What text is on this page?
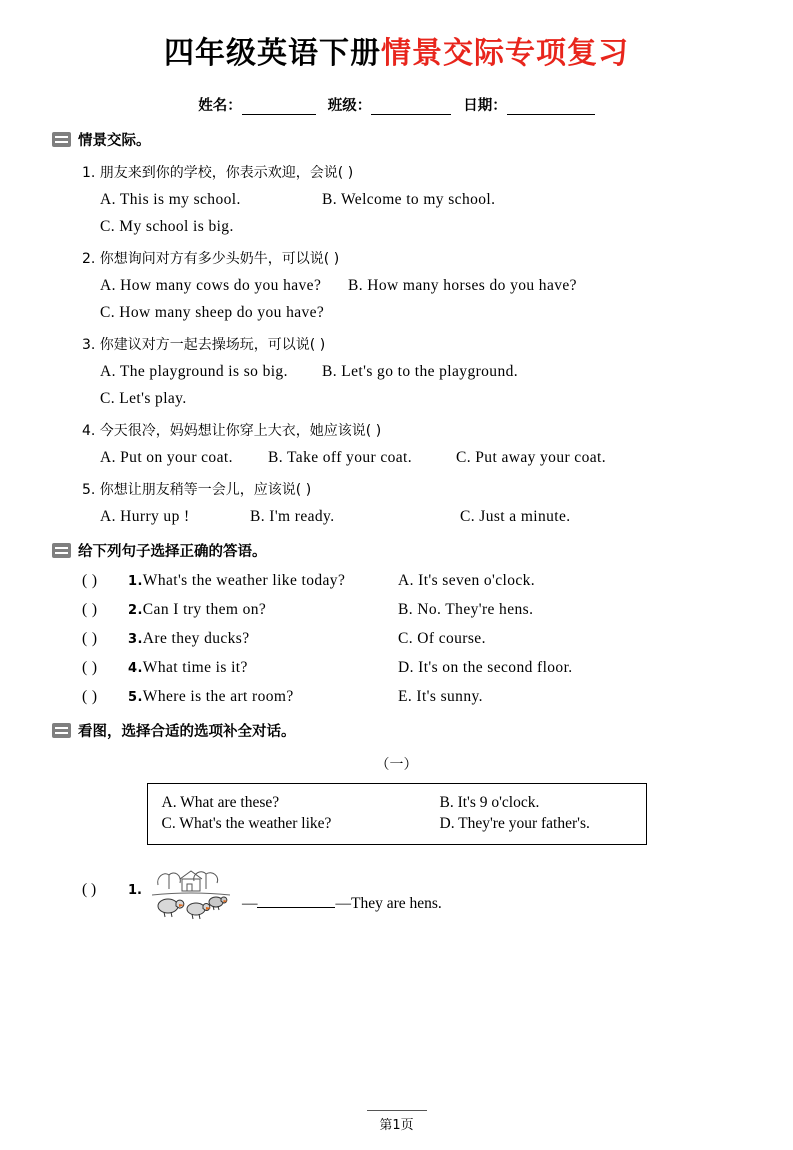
四年级英语下册 情景交际专项复习
姓名：	班级：	日期：
情景交际。
1. 朋友来到你的学校，你表示欢迎，会说( )
A. This is my school.	B. Welcome to my school.
C. My school is big.
2. 你想询问对方有多少头奶牛，可以说( )
A. How many cows do you have?	B. How many horses do you have?
C. How many sheep do you have?
3. 你建议对方一起去操场玩，可以说( )
A. The playground is so big.	B. Let's go to the playground.
C. Let's play.
4. 今天很冷，妈妈想让你穿上大衣，她应该说( )
A. Put on your coat.	B. Take off your coat.	C. Put away your coat.
5. 你想让朋友稍等一会儿，应该说( )
A. Hurry up !	B. I'm ready.	C. Just a minute.
给下列句子选择正确的答语。
( )	1.What's the weather like today?	A. It's seven o'clock.
( )	2.Can I try them on?	B. No. They're hens.
( )	3.Are they ducks?	C. Of course.
( )	4.What time is it?	D. It's on the second floor.
( )	5.Where is the art room?	E. It's sunny.
看图，选择合适的选项补全对话。
（一）
A. What are these?	B. It's 9 o'clock.
C. What's the weather like?	D. They're your father's.
( )	1.
—	—They are hens.
第1页
